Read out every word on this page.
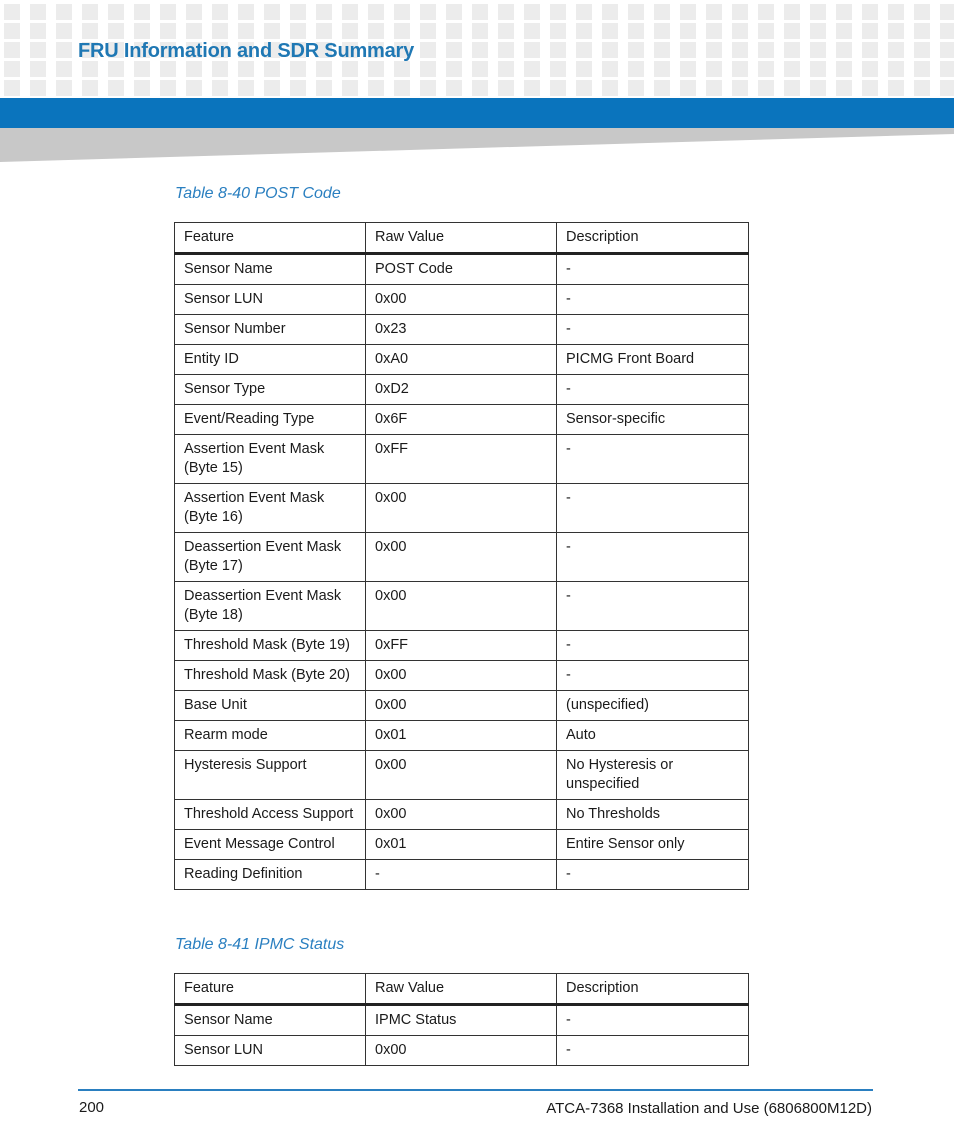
FRU Information and SDR Summary
Table 8-40 POST Code
Feature	Raw Value	Description
Sensor Name	POST Code	-
Sensor LUN	0x00	-
Sensor Number	0x23	-
Entity ID	0xA0	PICMG Front Board
Sensor Type	0xD2	-
Event/Reading Type	0x6F	Sensor-specific
Assertion Event Mask (Byte 15)	0xFF	-
Assertion Event Mask (Byte 16)	0x00	-
Deassertion Event Mask (Byte 17)	0x00	-
Deassertion Event Mask (Byte 18)	0x00	-
Threshold Mask (Byte 19)	0xFF	-
Threshold Mask (Byte 20)	0x00	-
Base Unit	0x00	(unspecified)
Rearm mode	0x01	Auto
Hysteresis Support	0x00	No Hysteresis or unspecified
Threshold Access Support	0x00	No Thresholds
Event Message Control	0x01	Entire Sensor only
Reading Definition	-	-
Table 8-41 IPMC Status
Feature	Raw Value	Description
Sensor Name	IPMC Status	-
Sensor LUN	0x00	-
200	ATCA-7368 Installation and Use (6806800M12D)
